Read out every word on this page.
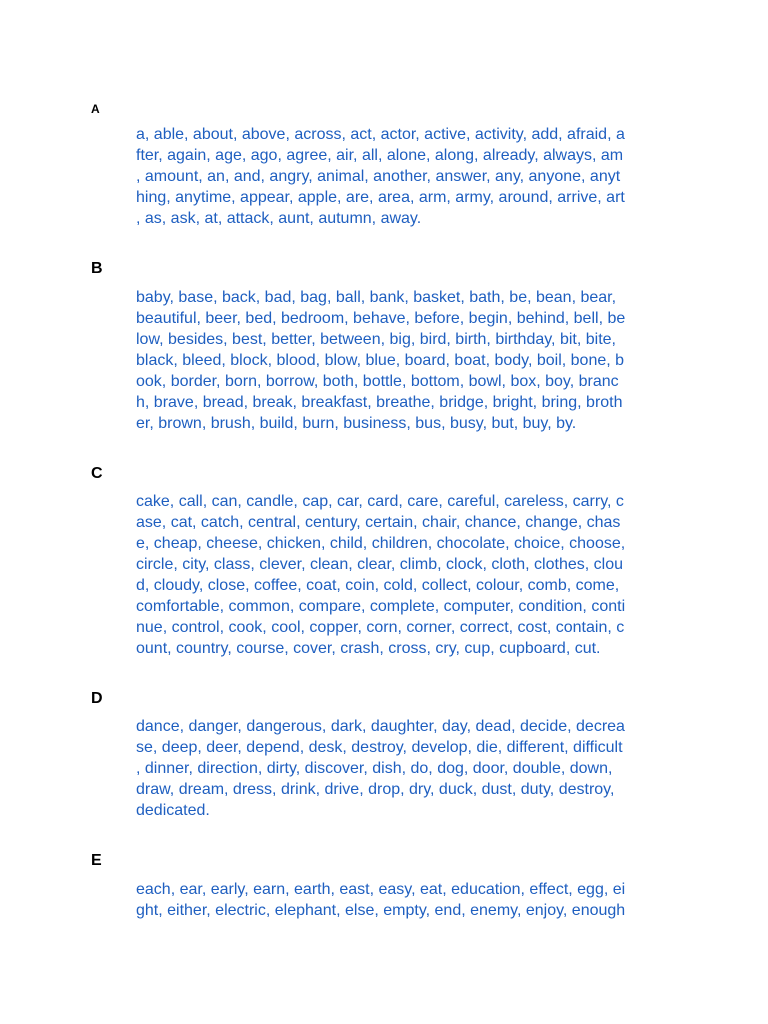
A
a, able, about, above, across, act, actor, active, activity, add, afraid, a
fter, again, age, ago, agree, air, all, alone, along, already, always, am
, amount, an, and, angry, animal, another, answer, any, anyone, anyt
hing, anytime, appear, apple, are, area, arm, army, around, arrive, art
, as, ask, at, attack, aunt, autumn, away.
B
baby, base, back, bad, bag, ball, bank, basket, bath, be, bean, bear,
beautiful, beer, bed, bedroom, behave, before, begin, behind, bell, be
low, besides, best, better, between, big, bird, birth, birthday, bit, bite,
black, bleed, block, blood, blow, blue, board, boat, body, boil, bone, b
ook, border, born, borrow, both, bottle, bottom, bowl, box, boy, branc
h, brave, bread, break, breakfast, breathe, bridge, bright, bring, broth
er, brown, brush, build, burn, business, bus, busy, but, buy, by.
C
cake, call, can, candle, cap, car, card, care, careful, careless, carry, c
ase, cat, catch, central, century, certain, chair, chance, change, chas
e, cheap, cheese, chicken, child, children, chocolate, choice, choose,
circle, city, class, clever, clean, clear, climb, clock, cloth, clothes, clou
d, cloudy, close, coffee, coat, coin, cold, collect, colour, comb, come,
comfortable, common, compare, complete, computer, condition, conti
nue, control, cook, cool, copper, corn, corner, correct, cost, contain, c
ount, country, course, cover, crash, cross, cry, cup, cupboard, cut.
D
dance, danger, dangerous, dark, daughter, day, dead, decide, decrea
se, deep, deer, depend, desk, destroy, develop, die, different, difficult
, dinner, direction, dirty, discover, dish, do, dog, door, double, down,
draw, dream, dress, drink, drive, drop, dry, duck, dust, duty, destroy,
dedicated.
E
each, ear, early, earn, earth, east, easy, eat, education, effect, egg, ei
ght, either, electric, elephant, else, empty, end, enemy, enjoy, enough
